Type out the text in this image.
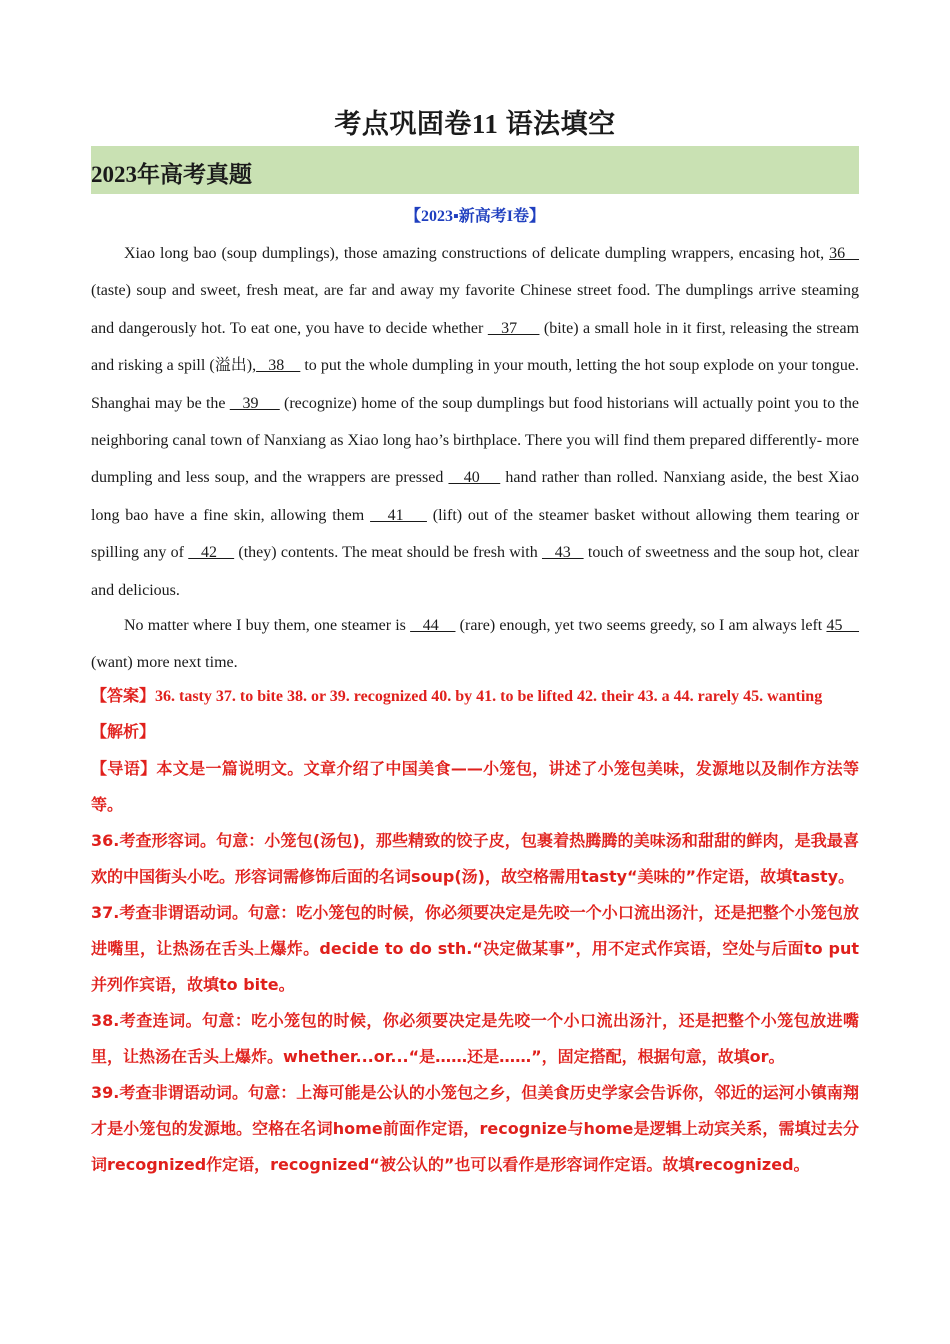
考点巩固卷11 语法填空
2023年高考真题
【2023▪新高考I卷】

Xiao long bao (soup dumplings), those amazing constructions of delicate dumpling wrappers, encasing hot, 36    (taste) soup and sweet, fresh meat, are far and away my favorite Chinese street food. The dumplings arrive steaming and dangerously hot. To eat one, you have to decide whether    37      (bite) a small hole in it first, releasing the stream and risking a spill (溢出),   38     to put the whole dumpling in your mouth, letting the hot soup explode on your tongue. Shanghai may be the    39      (recognize) home of the soup dumplings but food historians will actually point you to the neighboring canal town of Nanxiang as Xiao long hao’s birthplace. There you will find them prepared differently- more dumpling and less soup, and the wrappers are pressed    40     hand rather than rolled. Nanxiang aside, the best Xiao long bao have a fine skin, allowing them    41     (lift) out of the steamer basket without allowing them tearing or spilling any of    42     (they) contents. The meat should be fresh with    43    touch of sweetness and the soup hot, clear and delicious.

No matter where I buy them, one steamer is    44     (rare) enough, yet two seems greedy, so I am always left 45     (want) more next time.

【答案】36. tasty 37. to bite 38. or 39. recognized 40. by 41. to be lifted 42. their 43. a 44. rarely 45. wanting

【解析】

【导语】本文是一篇说明文。文章介绍了中国美食——小笼包，讲述了小笼包美味，发源地以及制作方法等等。

36.考查形容词。句意：小笼包(汤包)，那些精致的饺子皮，包裹着热腾腾的美味汤和甜甜的鲜肉，是我最喜欢的中国街头小吃。形容词需修饰后面的名词soup(汤)，故空格需用tasty“美味的”作定语，故填tasty。

37.考查非谓语动词。句意：吃小笼包的时候，你必须要决定是先咬一个小口流出汤汁，还是把整个小笼包放进嘴里，让热汤在舌头上爆炸。decide to do sth.“决定做某事”，用不定式作宾语，空处与后面to put并列作宾语，故填to bite。

38.考查连词。句意：吃小笼包的时候，你必须要决定是先咬一个小口流出汤汁，还是把整个小笼包放进嘴里，让热汤在舌头上爆炸。whether...or...“是……还是……”，固定搭配，根据句意，故填or。

39.考查非谓语动词。句意：上海可能是公认的小笼包之乡，但美食历史学家会告诉你，邻近的运河小镇南翔才是小笼包的发源地。空格在名词home前面作定语，recognize与home是逻辑上动宾关系，需填过去分词recognized作定语，recognized“被公认的”也可以看作是形容词作定语。故填recognized。
